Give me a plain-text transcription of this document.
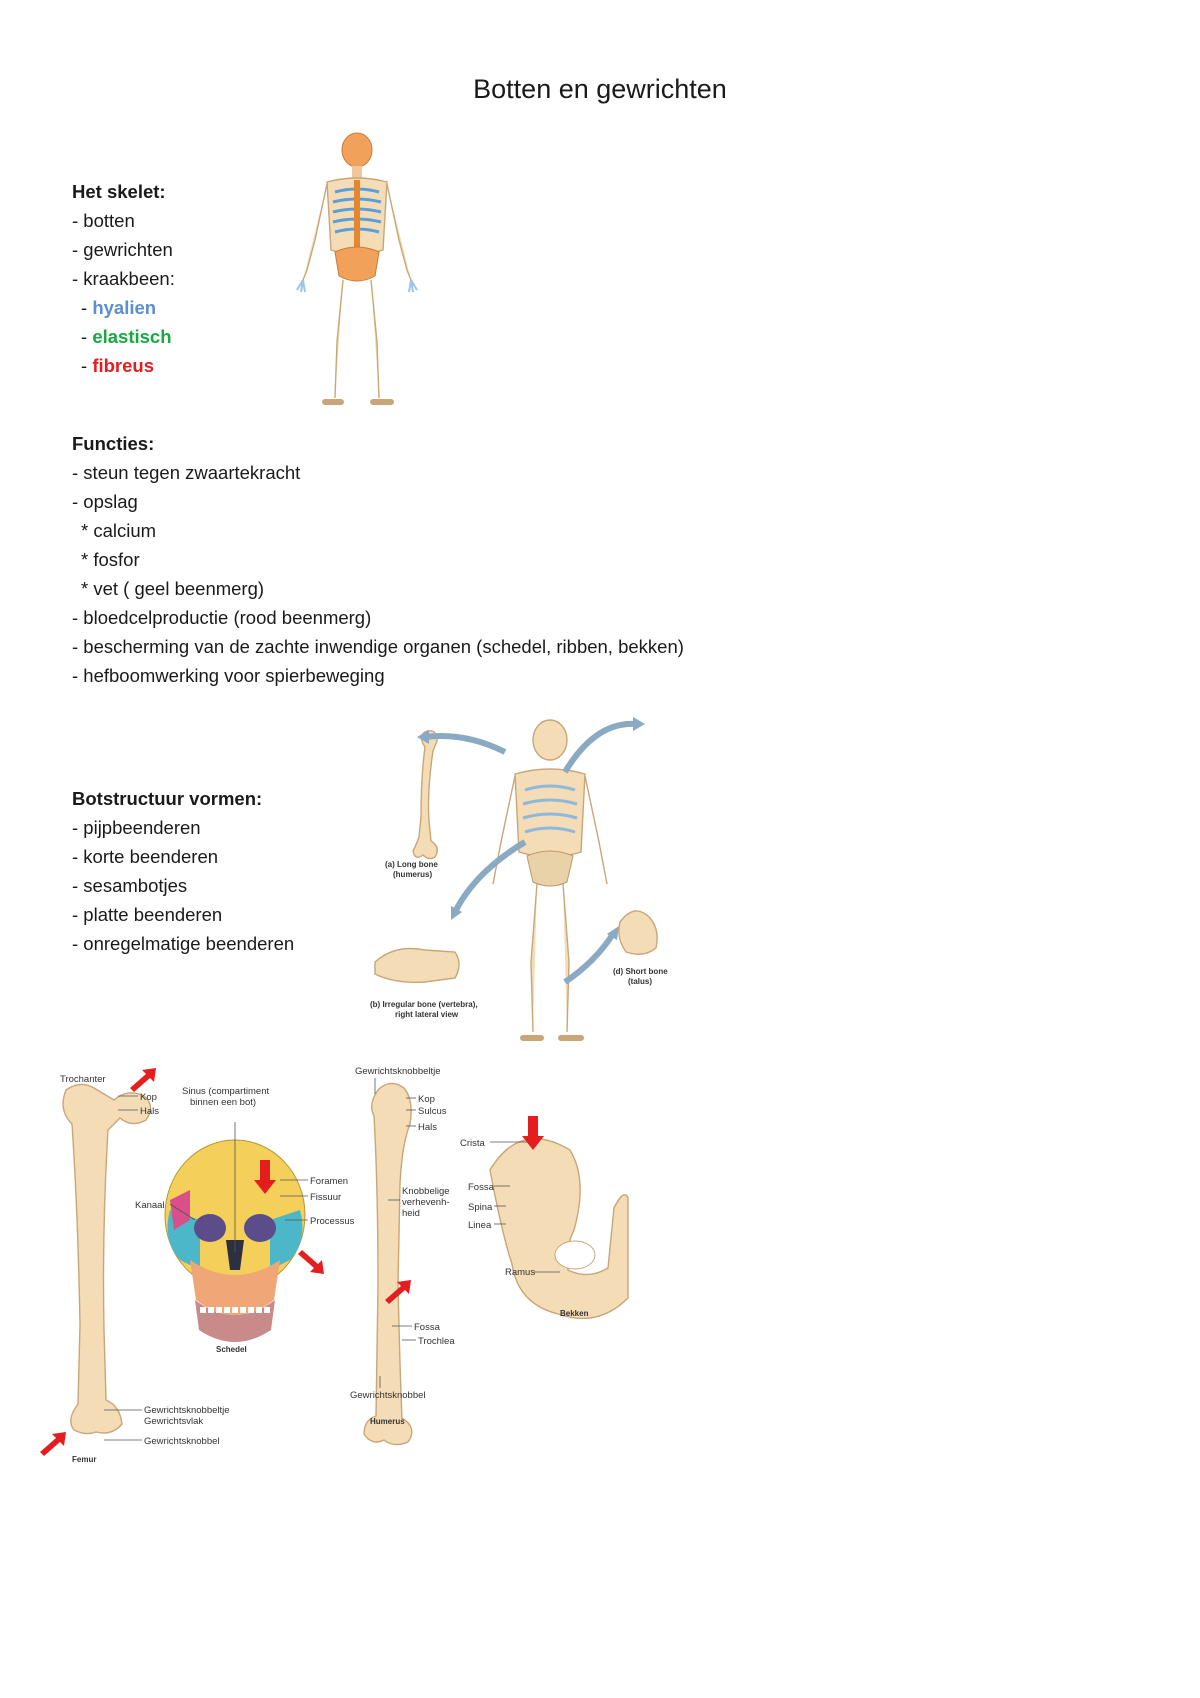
Botten en gewrichten
Het skelet:
- botten
- gewrichten
- kraakbeen:
- hyalien
- elastisch
- fibreus
Functies:
- steun tegen zwaartekracht
- opslag
* calcium
* fosfor
* vet ( geel beenmerg)
- bloedcelproductie (rood beenmerg)
- bescherming van de zachte inwendige organen (schedel, ribben, bekken)
- hefboomwerking voor spierbeweging
Botstructuur vormen:
- pijpbeenderen
- korte beenderen
- sesambotjes
- platte beenderen
- onregelmatige beenderen
(a) Long bone
(humerus)
(b) Irregular bone (vertebra),
right lateral view
(d) Short bone
(talus)
Trochanter
Kop
Hals
Gewrichtsknobbeltje
Gewrichtsvlak
Gewrichtsknobbel
Femur
Sinus (compartiment
binnen een bot)
Foramen
Fissuur
Kanaal
Processus
Schedel
Gewrichtsknobbeltje
Kop
Sulcus
Hals
Knobbelige
verhevenh-
heid
Fossa
Trochlea
Gewrichtsknobbel
Humerus
Crista
Fossa
Spina
Linea
Ramus
Bekken
